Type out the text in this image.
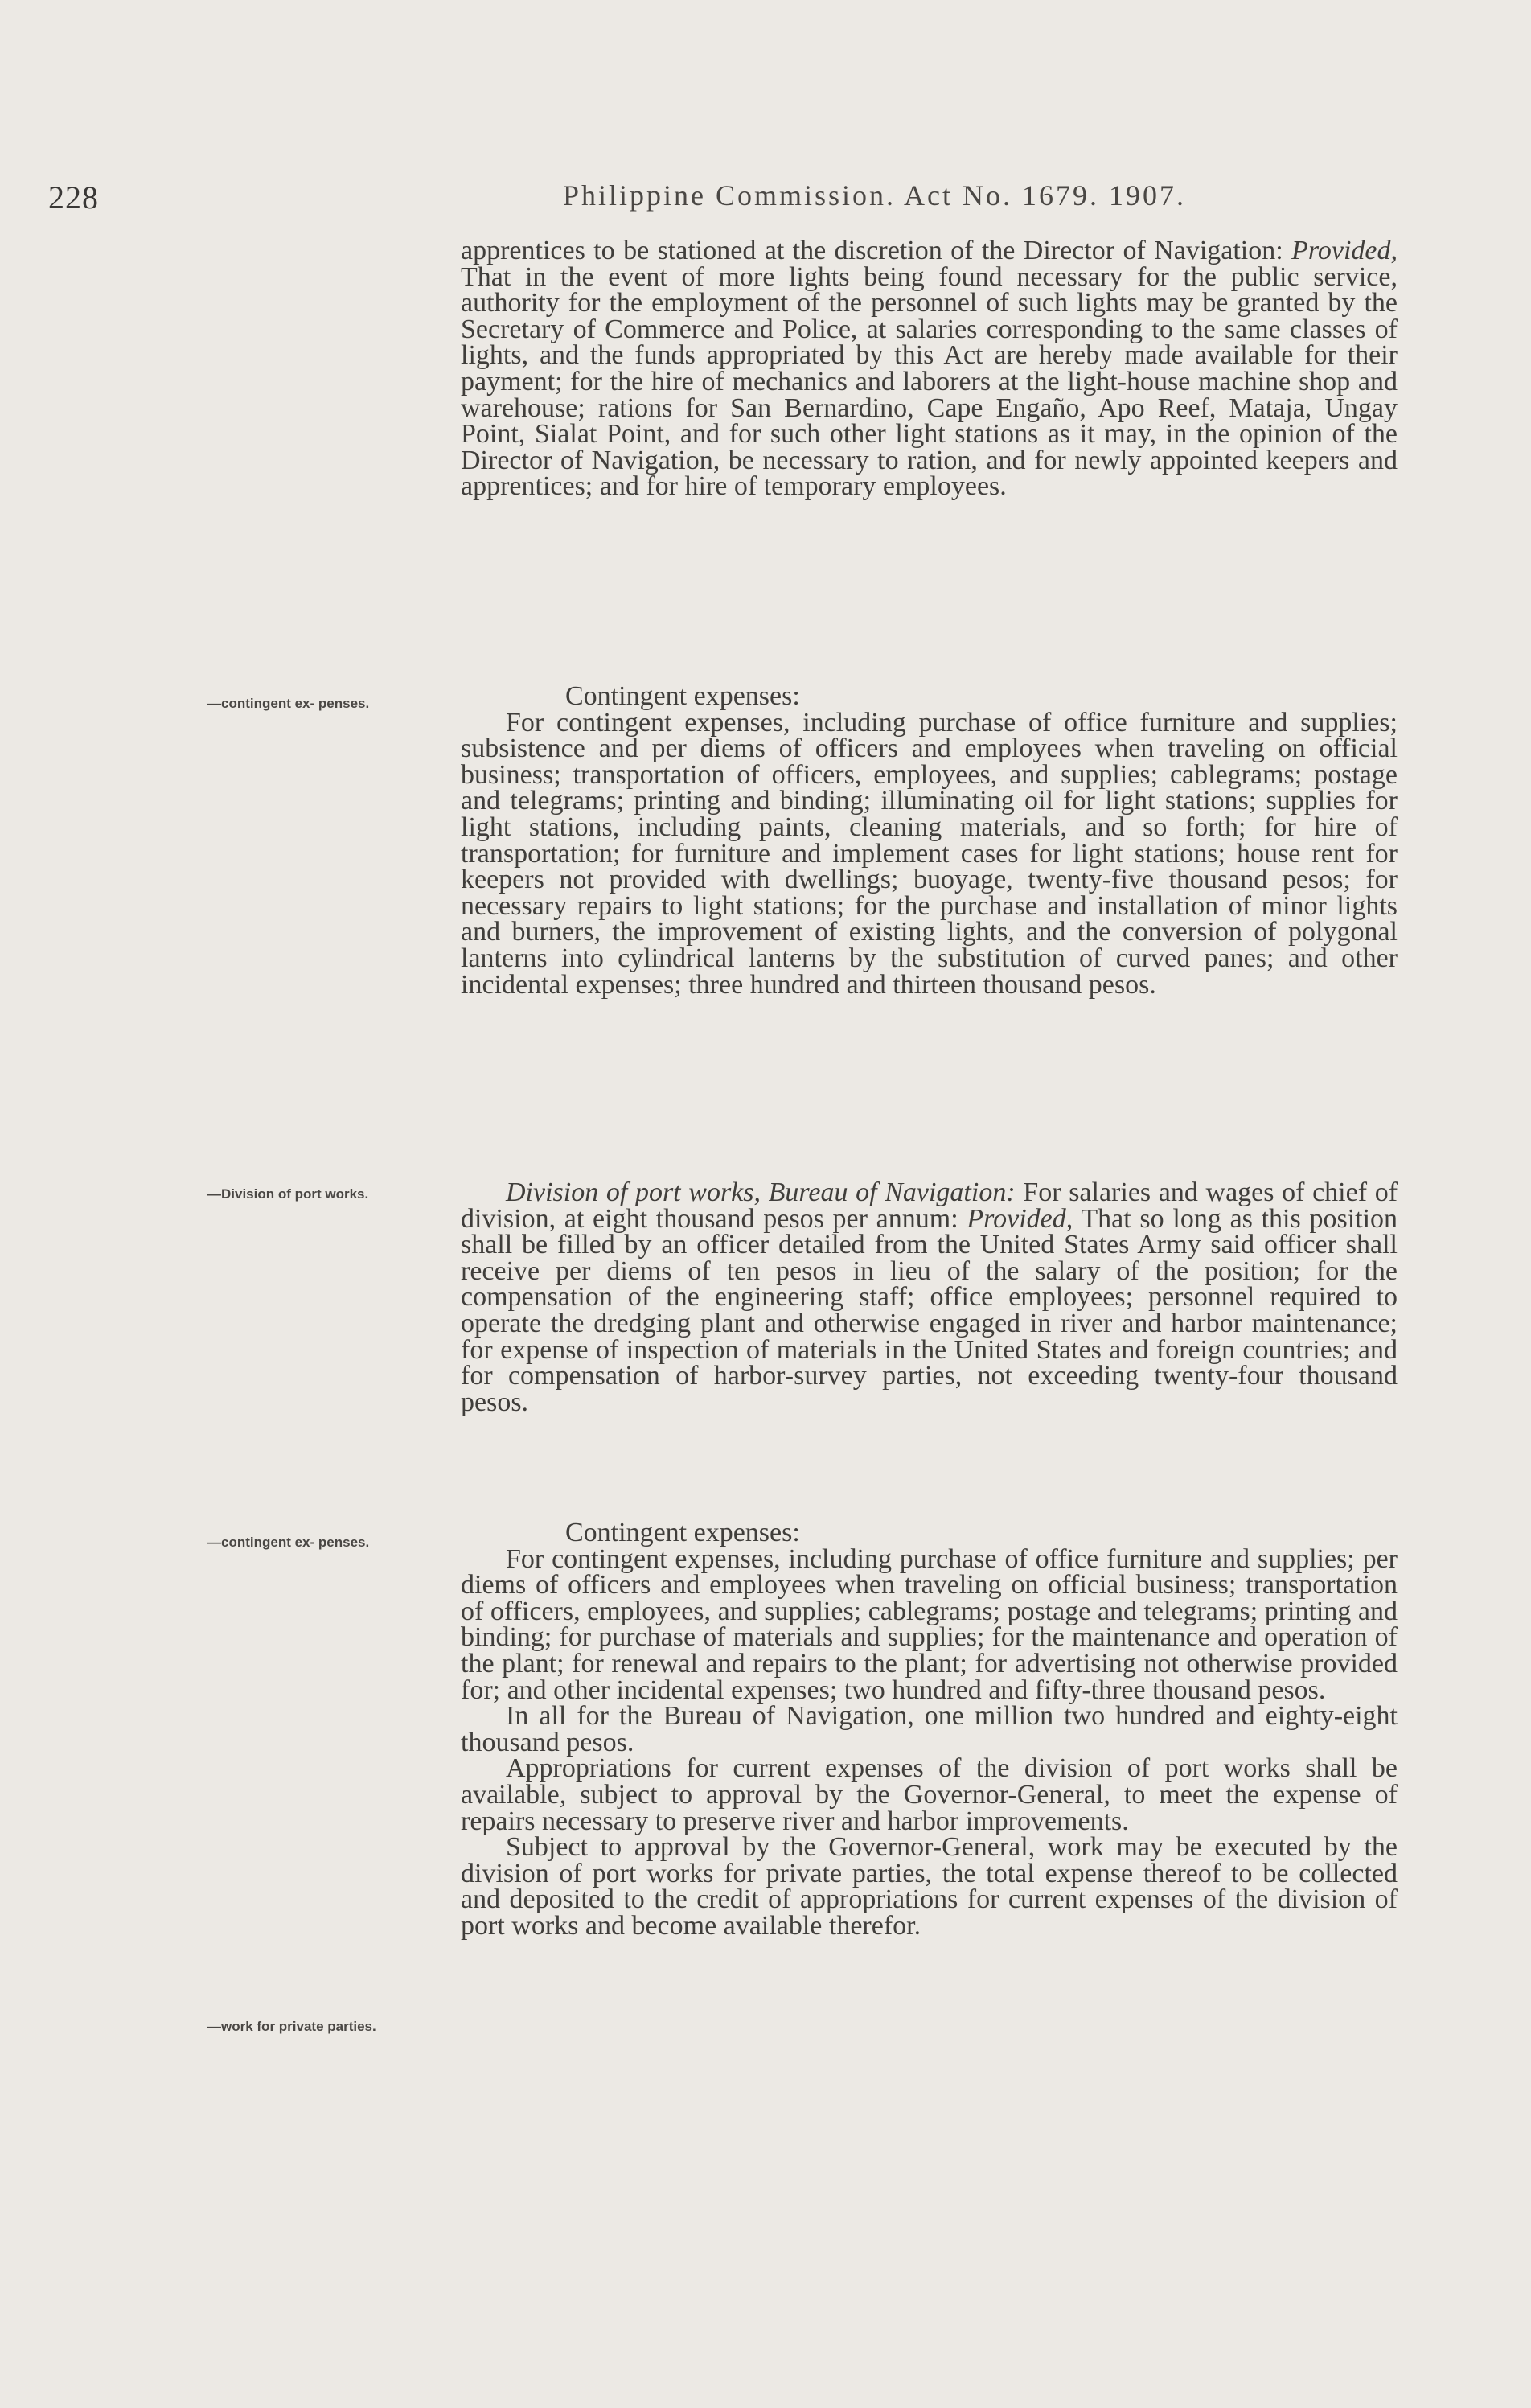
228	Philippine Commission. Act No. 1679. 1907.
—contingent ex- penses.
—Division of port works.
—contingent ex- penses.
—work for private parties.

apprentices to be stationed at the discretion of the Director of Navigation: Provided, That in the event of more lights being found necessary for the public service, authority for the employment of the personnel of such lights may be granted by the Secretary of Commerce and Police, at salaries corresponding to the same classes of lights, and the funds appropriated by this Act are hereby made available for their payment; for the hire of mechanics and laborers at the light-house machine shop and warehouse; rations for San Bernardino, Cape Engaño, Apo Reef, Mataja, Ungay Point, Sialat Point, and for such other light stations as it may, in the opinion of the Director of Navigation, be necessary to ration, and for newly appointed keepers and apprentices; and for hire of temporary employees.

Contingent expenses:

For contingent expenses, including purchase of office furniture and supplies; subsistence and per diems of officers and employees when traveling on official business; transportation of officers, employees, and supplies; cablegrams; postage and telegrams; printing and binding; illuminating oil for light stations; supplies for light stations, including paints, cleaning materials, and so forth; for hire of transportation; for furniture and implement cases for light stations; house rent for keepers not provided with dwellings; buoyage, twenty-five thousand pesos; for necessary repairs to light stations; for the purchase and installation of minor lights and burners, the improvement of existing lights, and the conversion of polygonal lanterns into cylindrical lanterns by the substitution of curved panes; and other incidental expenses; three hundred and thirteen thousand pesos.

Division of port works, Bureau of Navigation: For salaries and wages of chief of division, at eight thousand pesos per annum: Provided, That so long as this position shall be filled by an officer detailed from the United States Army said officer shall receive per diems of ten pesos in lieu of the salary of the position; for the compensation of the engineering staff; office employees; personnel required to operate the dredging plant and otherwise engaged in river and harbor maintenance; for expense of inspection of materials in the United States and foreign countries; and for compensation of harbor-survey parties, not exceeding twenty-four thousand pesos.

Contingent expenses:

For contingent expenses, including purchase of office furniture and supplies; per diems of officers and employees when traveling on official business; transportation of officers, employees, and supplies; cablegrams; postage and telegrams; printing and binding; for purchase of materials and supplies; for the maintenance and operation of the plant; for renewal and repairs to the plant; for advertising not otherwise provided for; and other incidental expenses; two hundred and fifty-three thousand pesos.

In all for the Bureau of Navigation, one million two hundred and eighty-eight thousand pesos.

Appropriations for current expenses of the division of port works shall be available, subject to approval by the Governor-General, to meet the expense of repairs necessary to preserve river and harbor improvements.

Subject to approval by the Governor-General, work may be executed by the division of port works for private parties, the total expense thereof to be collected and deposited to the credit of appropriations for current expenses of the division of port works and become available therefor.
